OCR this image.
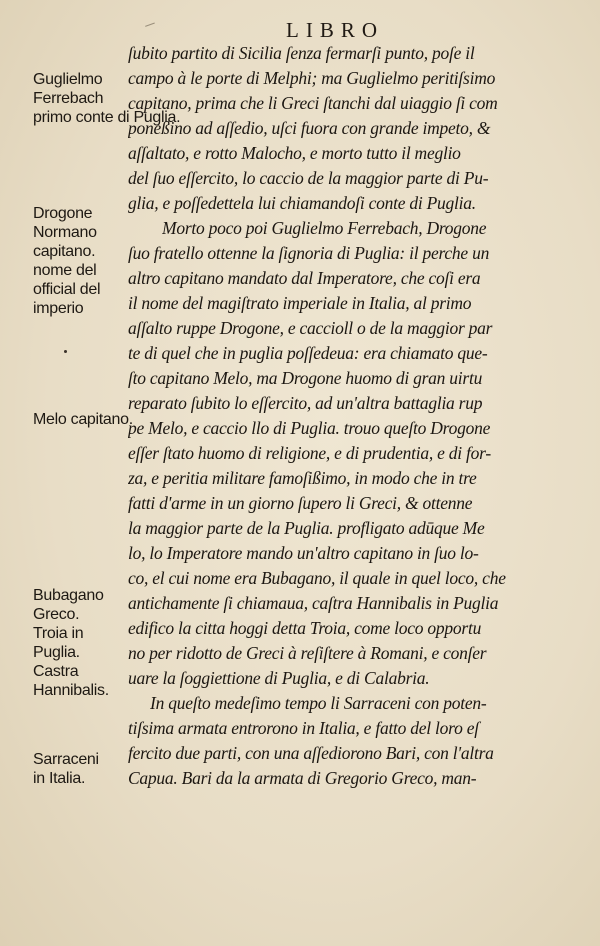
LIBRO
Guglielmo
Ferrebach
primo conte di Puglia.
Drogone
Normano
capitano.
nome del
official del
imperio
Melo capitano.
Bubagano
Greco.
Troia in
Puglia.
Castra
Hannibalis.
Sarraceni
in Italia.
ſubito partito di Sicilia ſenza fermarſi punto, poſe il
campo à le porte di Melphi; ma Guglielmo peritiſsimo
capitano, prima che li Greci ſtanchi dal uiaggio ſi com
poneßino ad aſſedio, uſci fuora con grande impeto, &
aſſaltato, e rotto Malocho, e morto tutto il meglio
del ſuo eſſercito, lo caccio de la maggior parte di Pu-
glia, e poſſedettela lui chiamandoſi conte di Puglia.
Morto poco poi Guglielmo Ferrebach, Drogone
ſuo fratello ottenne la ſignoria di Puglia: il perche un
altro capitano mandato dal Imperatore, che coſi era
il nome del magiſtrato imperiale in Italia, al primo
aſſalto ruppe Drogone, e caccioll o de la maggior par
te di quel che in puglia poſſedeua: era chiamato que-
ſto capitano Melo, ma Drogone huomo di gran uirtu
reparato ſubito lo eſſercito, ad un'altra battaglia rup
pe Melo, e caccio llo di Puglia. trouo queſto Drogone
eſſer ſtato huomo di religione, e di prudentia, e di for-
za, e peritia militare famoſißimo, in modo che in tre
fatti d'arme in un giorno ſupero li Greci, & ottenne
la maggior parte de la Puglia. profligato adūque Me
lo, lo Imperatore mando un'altro capitano in ſuo lo-
co, el cui nome era Bubagano, il quale in quel loco, che
antichamente ſi chiamaua, caſtra Hannibalis in Puglia
edifico la citta hoggi detta Troia, come loco opportu
no per ridotto de Greci à reſiſtere à Romani, e conſer
uare la ſoggiettione di Puglia, e di Calabria.
In queſto medeſimo tempo li Sarraceni con poten-
tiſsima armata entrorono in Italia, e fatto del loro eſ
fercito due parti, con una aſſediorono Bari, con l'altra
Capua. Bari da la armata di Gregorio Greco, man-
